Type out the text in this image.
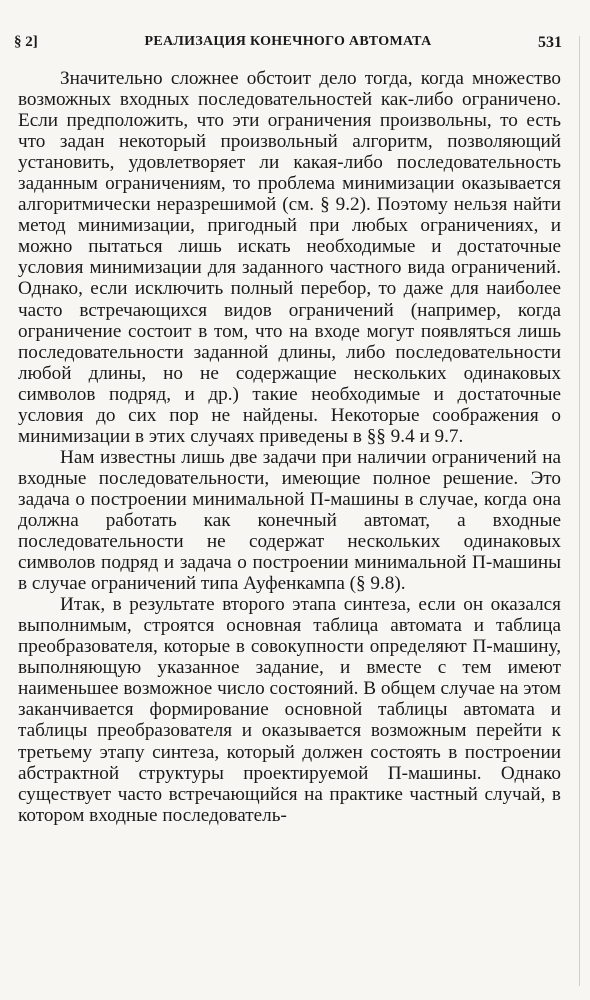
§ 2]	РЕАЛИЗАЦИЯ КОНЕЧНОГО АВТОМАТА	531

Значительно сложнее обстоит дело тогда, когда множество возможных входных последовательностей как-либо ограничено. Если предположить, что эти ограничения произвольны, то есть что задан некоторый произвольный алгоритм, позволяющий установить, удовлетворяет ли какая-либо последовательность заданным ограничениям, то проблема минимизации оказывается алгоритмически неразрешимой (см. § 9.2). Поэтому нельзя найти метод минимизации, пригодный при любых ограничениях, и можно пытаться лишь искать необходимые и достаточные условия минимизации для заданного частного вида ограничений. Однако, если исключить полный перебор, то даже для наиболее часто встречающихся видов ограничений (например, когда ограничение состоит в том, что на входе могут появляться лишь последовательности заданной длины, либо последовательности любой длины, но не содержащие нескольких одинаковых символов подряд, и др.) такие необходимые и достаточные условия до сих пор не найдены. Некоторые соображения о минимизации в этих случаях приведены в §§ 9.4 и 9.7.

Нам известны лишь две задачи при наличии ограничений на входные последовательности, имеющие полное решение. Это задача о построении минимальной П-машины в случае, когда она должна работать как конечный автомат, а входные последовательности не содержат нескольких одинаковых символов подряд и задача о построении минимальной П-машины в случае ограничений типа Ауфенкампа (§ 9.8).

Итак, в результате второго этапа синтеза, если он оказался выполнимым, строятся основная таблица автомата и таблица преобразователя, которые в совокупности определяют П-машину, выполняющую указанное задание, и вместе с тем имеют наименьшее возможное число состояний. В общем случае на этом заканчивается формирование основной таблицы автомата и таблицы преобразователя и оказывается возможным перейти к третьему этапу синтеза, который должен состоять в построении абстрактной структуры проектируемой П-машины. Однако существует часто встречающийся на практике частный случай, в котором входные последователь-
